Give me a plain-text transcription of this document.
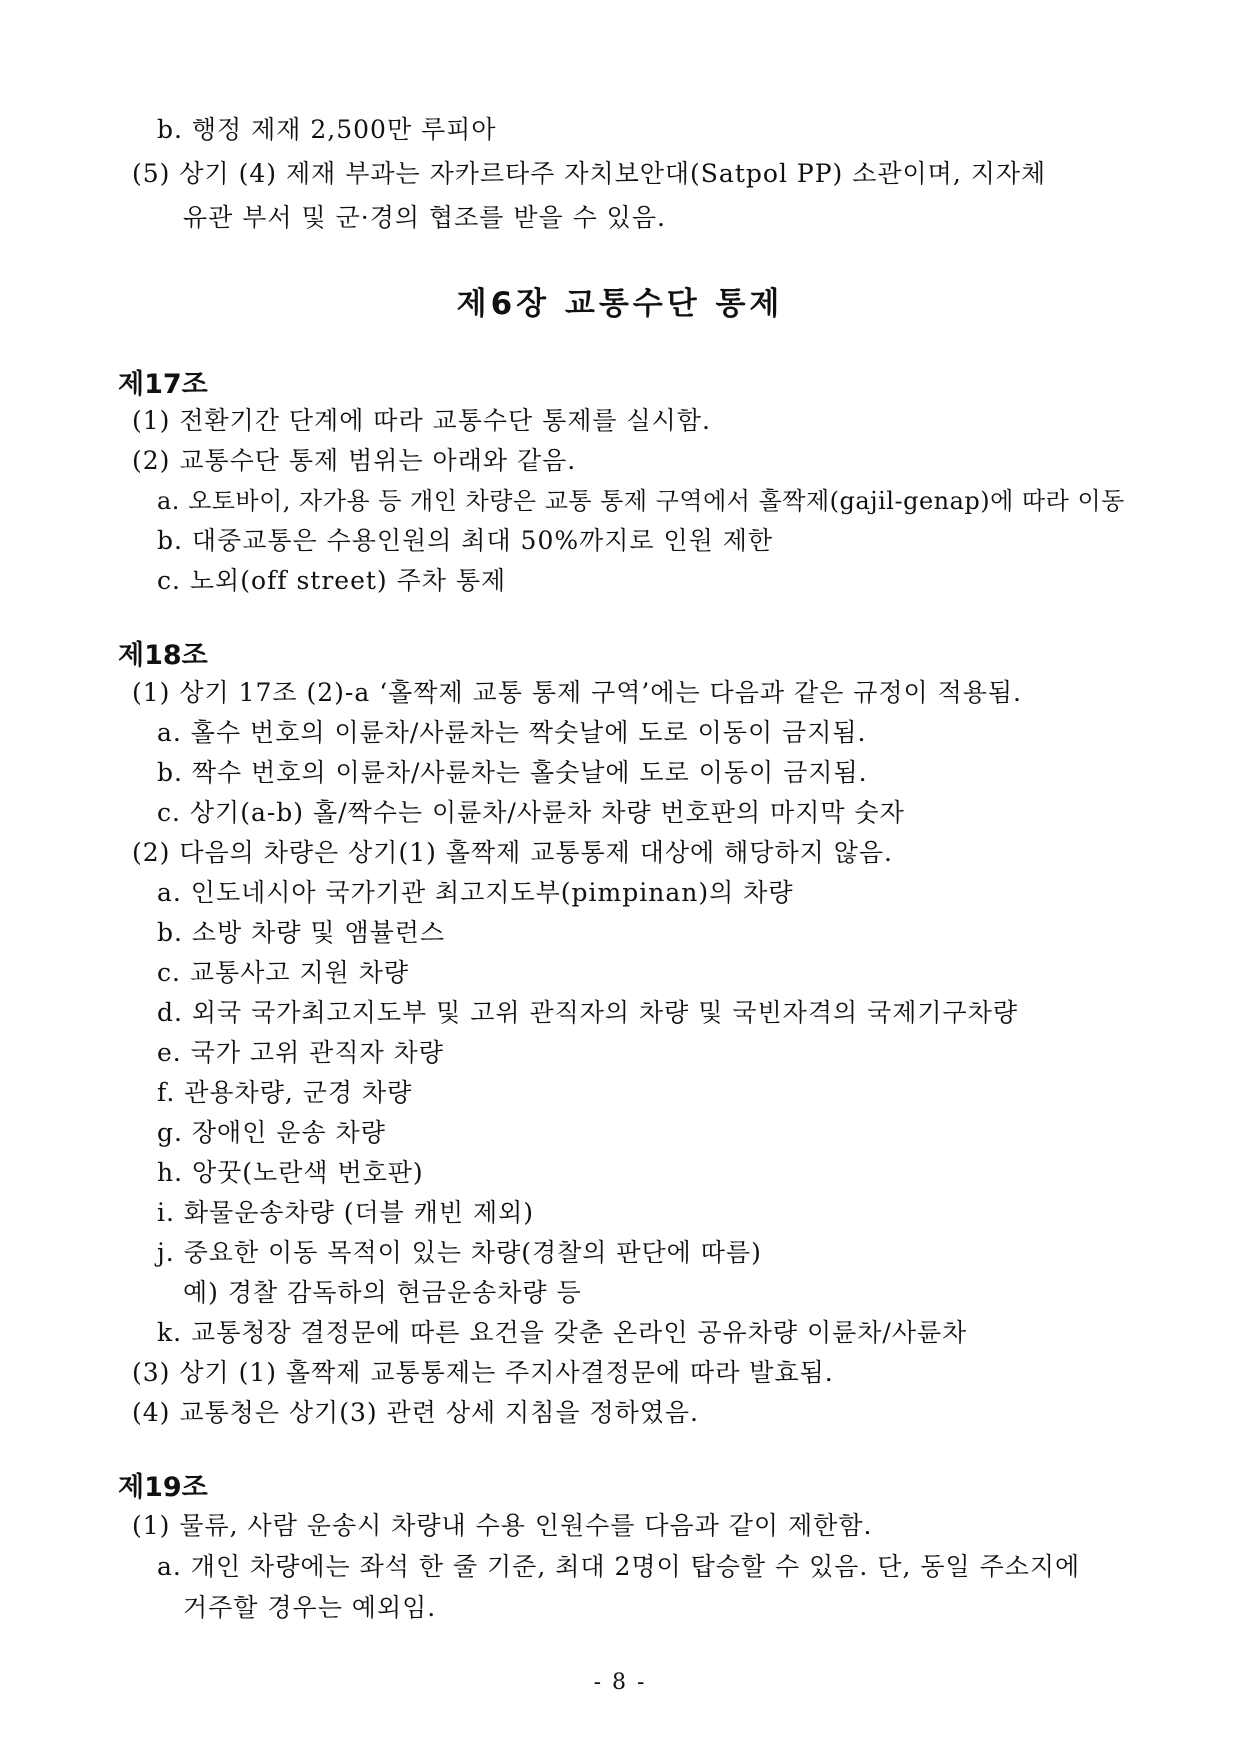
b. 행정 제재 2,500만 루피아
(5) 상기 (4) 제재 부과는 자카르타주 자치보안대(Satpol PP) 소관이며, 지자체
유관 부서 및 군·경의 협조를 받을 수 있음.
제6장 교통수단 통제
제17조
(1) 전환기간 단계에 따라 교통수단 통제를 실시함.
(2) 교통수단 통제 범위는 아래와 같음.
a. 오토바이, 자가용 등 개인 차량은 교통 통제 구역에서 홀짝제(gajil-genap)에 따라 이동
b. 대중교통은 수용인원의 최대 50%까지로 인원 제한
c. 노외(off street) 주차 통제
제18조
(1) 상기 17조 (2)-a ‘홀짝제 교통 통제 구역’에는 다음과 같은 규정이 적용됨.
a. 홀수 번호의 이륜차/사륜차는 짝숫날에 도로 이동이 금지됨.
b. 짝수 번호의 이륜차/사륜차는 홀숫날에 도로 이동이 금지됨.
c. 상기(a-b) 홀/짝수는 이륜차/사륜차 차량 번호판의 마지막 숫자
(2) 다음의 차량은 상기(1) 홀짝제 교통통제 대상에 해당하지 않음.
a. 인도네시아 국가기관 최고지도부(pimpinan)의 차량
b. 소방 차량 및 앰뷸런스
c. 교통사고 지원 차량
d. 외국 국가최고지도부 및 고위 관직자의 차량 및 국빈자격의 국제기구차량
e. 국가 고위 관직자 차량
f. 관용차량, 군경 차량
g. 장애인 운송 차량
h. 앙꿋(노란색 번호판)
i. 화물운송차량 (더블 캐빈 제외)
j. 중요한 이동 목적이 있는 차량(경찰의 판단에 따름)
예) 경찰 감독하의 현금운송차량 등
k. 교통청장 결정문에 따른 요건을 갖춘 온라인 공유차량 이륜차/사륜차
(3) 상기 (1) 홀짝제 교통통제는 주지사결정문에 따라 발효됨.
(4) 교통청은 상기(3) 관련 상세 지침을 정하였음.
제19조
(1) 물류, 사람 운송시 차량내 수용 인원수를 다음과 같이 제한함.
a. 개인 차량에는 좌석 한 줄 기준, 최대 2명이 탑승할 수 있음. 단, 동일 주소지에
거주할 경우는 예외임.
- 8 -
